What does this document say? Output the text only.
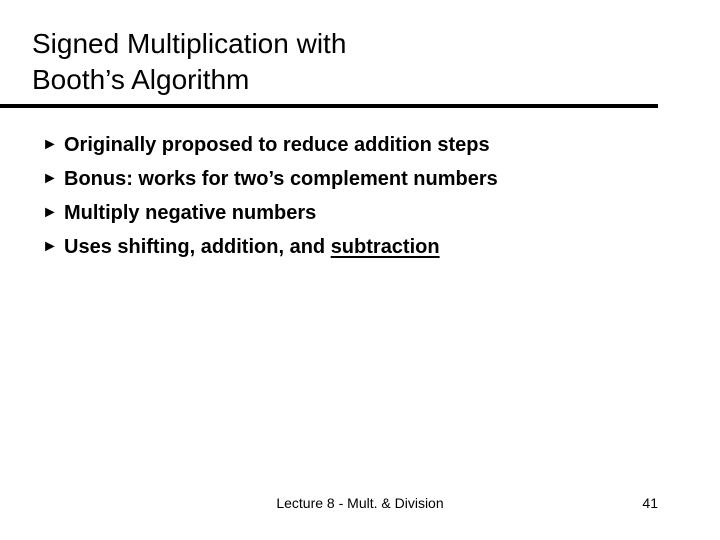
Signed Multiplication with
Booth’s Algorithm
► Originally proposed to reduce addition steps
► Bonus: works for two’s complement numbers
► Multiply negative numbers
► Uses shifting, addition, and subtraction
Lecture 8 - Mult. & Division	41
